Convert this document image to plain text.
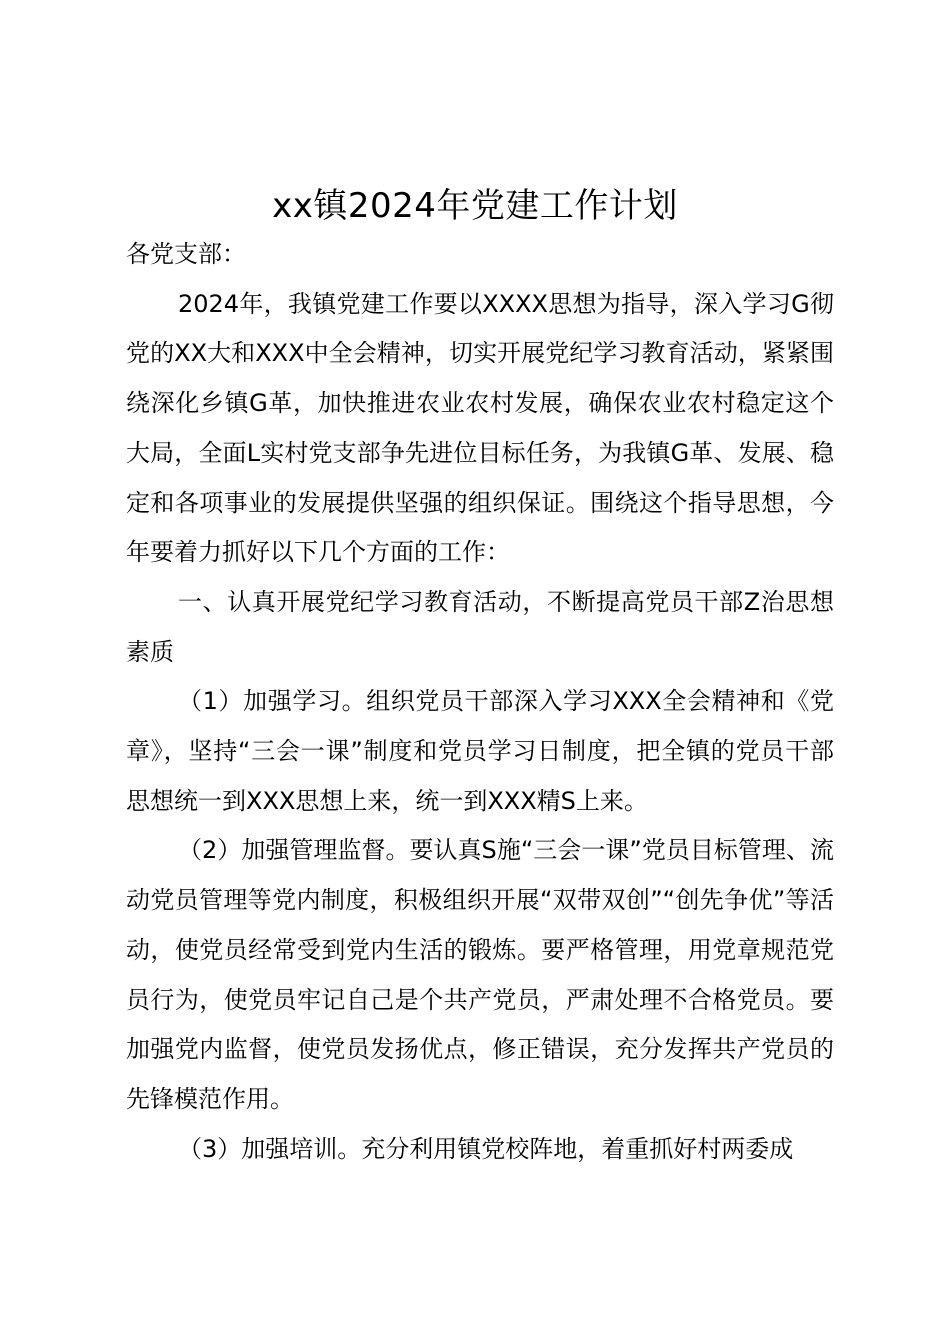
xx镇2024年党建工作计划

各党支部：

2024年，我镇党建工作要以XXXX思想为指导，深入学习G彻党的XX大和XXX中全会精神，切实开展党纪学习教育活动，紧紧围绕深化乡镇G革，加快推进农业农村发展，确保农业农村稳定这个大局，全面L实村党支部争先进位目标任务，为我镇G革、发展、稳定和各项事业的发展提供坚强的组织保证。围绕这个指导思想，今年要着力抓好以下几个方面的工作：

一、认真开展党纪学习教育活动，不断提高党员干部Z治思想素质

（1）加强学习。组织党员干部深入学习XXX全会精神和《党章》，坚持“三会一课”制度和党员学习日制度，把全镇的党员干部思想统一到XXX思想上来，统一到XXX精S上来。

（2）加强管理监督。要认真S施“三会一课”党员目标管理、流动党员管理等党内制度，积极组织开展“双带双创”“创先争优”等活动，使党员经常受到党内生活的锻炼。要严格管理，用党章规范党员行为，使党员牢记自己是个共产党员，严肃处理不合格党员。要加强党内监督，使党员发扬优点，修正错误，充分发挥共产党员的先锋模范作用。

（3）加强培训。充分利用镇党校阵地，着重抓好村两委成
